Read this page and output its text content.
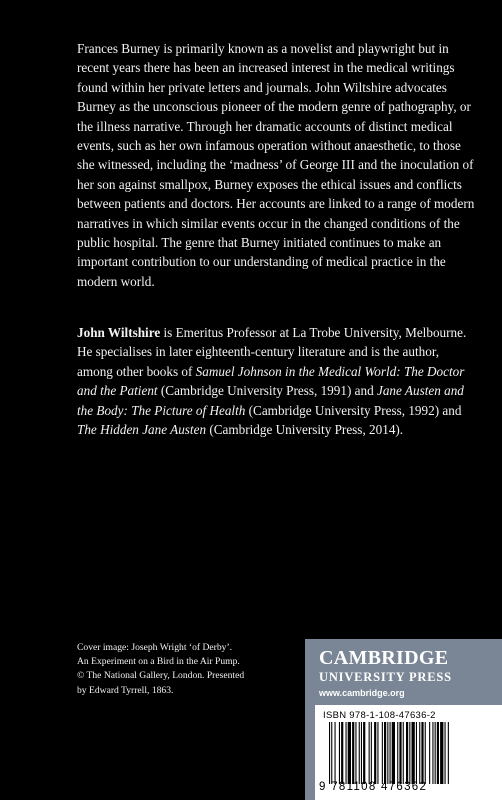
Frances Burney is primarily known as a novelist and playwright but in recent years there has been an increased interest in the medical writings found within her private letters and journals. John Wiltshire advocates Burney as the unconscious pioneer of the modern genre of pathography, or the illness narrative. Through her dramatic accounts of distinct medical events, such as her own infamous operation without anaesthetic, to those she witnessed, including the ‘madness’ of George III and the inoculation of her son against smallpox, Burney exposes the ethical issues and conflicts between patients and doctors. Her accounts are linked to a range of modern narratives in which similar events occur in the changed conditions of the public hospital. The genre that Burney initiated continues to make an important contribution to our understanding of medical practice in the modern world.

John Wiltshire is Emeritus Professor at La Trobe University, Melbourne. He specialises in later eighteenth-century literature and is the author, among other books of Samuel Johnson in the Medical World: The Doctor and the Patient (Cambridge University Press, 1991) and Jane Austen and the Body: The Picture of Health (Cambridge University Press, 1992) and The Hidden Jane Austen (Cambridge University Press, 2014).

Cover image: Joseph Wright ‘of Derby’.
An Experiment on a Bird in the Air Pump.
© The National Gallery, London. Presented
by Edward Tyrrell, 1863.

CAMBRIDGE
UNIVERSITY PRESS
www.cambridge.org
ISBN 978-1-108-47636-2
9 781108 476362
